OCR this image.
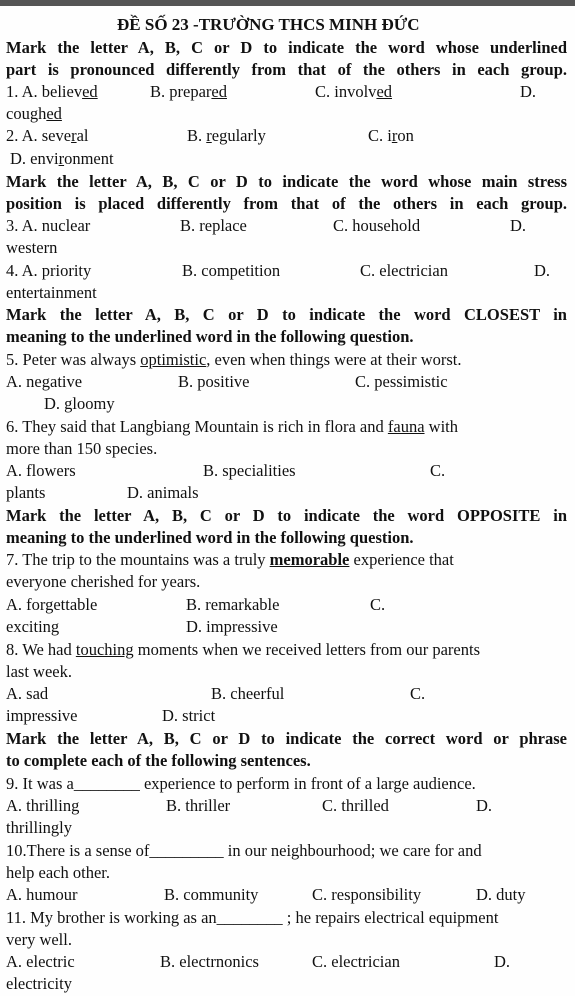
ĐỀ SỐ 23 -TRƯỜNG THCS MINH ĐỨC
Mark the letter A, B, C or D to indicate the word whose underlined
part is pronounced differently from that of the others in each group.
1. A. believed	B. prepared	C. involved	D.
coughed
2. A. several	B. regularly	C. iron
D. environment
Mark the letter A, B, C or D to indicate the word whose main stress
position is placed differently from that of the others in each group.
3. A. nuclear	B. replace	C. household	D.
western
4. A. priority	B. competition	C. electrician	D.
entertainment
Mark the letter A, B, C or D to indicate the word CLOSEST in
meaning to the underlined word in the following question.
5. Peter was always optimistic, even when things were at their worst.
A. negative	B. positive	C. pessimistic
D. gloomy
6. They said that Langbiang Mountain is rich in flora and fauna with
more than 150 species.
A. flowers	B. specialities	C.
plants	D. animals
Mark the letter A, B, C or D to indicate the word OPPOSITE in
meaning to the underlined word in the following question.
7. The trip to the mountains was a truly memorable experience that
everyone cherished for years.
A. forgettable	B. remarkable	C.
exciting	D. impressive
8. We had touching moments when we received letters from our parents
last week.
A. sad	B. cheerful	C.
impressive	D. strict
Mark the letter A, B, C or D to indicate the correct word or phrase
to complete each of the following sentences.
9. It was a________ experience to perform in front of a large audience.
A. thrilling	B. thriller	C. thrilled	D.
thrillingly
10.There is a sense of_________ in our neighbourhood; we care for and
help each other.
A. humour	B. community	C. responsibility	D. duty
11. My brother is working as an________ ; he repairs electrical equipment
very well.
A. electric	B. electrnonics	C. electrician	D.
electricity
